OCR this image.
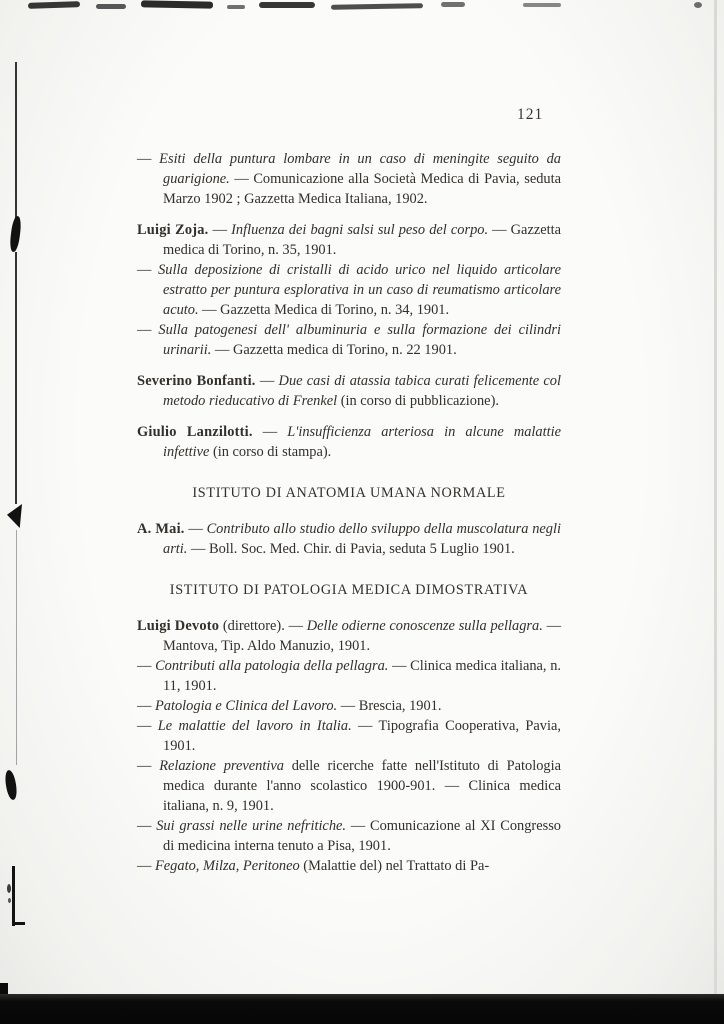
121

— Esiti della puntura lombare in un caso di meningite seguito da guarigione. — Comunicazione alla Società Medica di Pavia, seduta Marzo 1902 ; Gazzetta Medica Italiana, 1902.

Luigi Zoja. — Influenza dei bagni salsi sul peso del corpo. — Gazzetta medica di Torino, n. 35, 1901.

— Sulla deposizione di cristalli di acido urico nel liquido articolare estratto per puntura esplorativa in un caso di reumatismo articolare acuto. — Gazzetta Medica di Torino, n. 34, 1901.

— Sulla patogenesi dell' albuminuria e sulla formazione dei cilindri urinarii. — Gazzetta medica di Torino, n. 22 1901.

Severino Bonfanti. — Due casi di atassia tabica curati felicemente col metodo rieducativo di Frenkel (in corso di pubblicazione).

Giulio Lanzilotti. — L'insufficienza arteriosa in alcune malattie infettive (in corso di stampa).

ISTITUTO DI ANATOMIA UMANA NORMALE

A. Mai. — Contributo allo studio dello sviluppo della muscolatura negli arti. — Boll. Soc. Med. Chir. di Pavia, seduta 5 Luglio 1901.

ISTITUTO DI PATOLOGIA MEDICA DIMOSTRATIVA

Luigi Devoto (direttore). — Delle odierne conoscenze sulla pellagra. — Mantova, Tip. Aldo Manuzio, 1901.

— Contributi alla patologia della pellagra. — Clinica medica italiana, n. 11, 1901.

— Patologia e Clinica del Lavoro. — Brescia, 1901.

— Le malattie del lavoro in Italia. — Tipografia Cooperativa, Pavia, 1901.

— Relazione preventiva delle ricerche fatte nell'Istituto di Patologia medica durante l'anno scolastico 1900-901. — Clinica medica italiana, n. 9, 1901.

— Sui grassi nelle urine nefritiche. — Comunicazione al XI Congresso di medicina interna tenuto a Pisa, 1901.

— Fegato, Milza, Peritoneo (Malattie del) nel Trattato di Pa-
